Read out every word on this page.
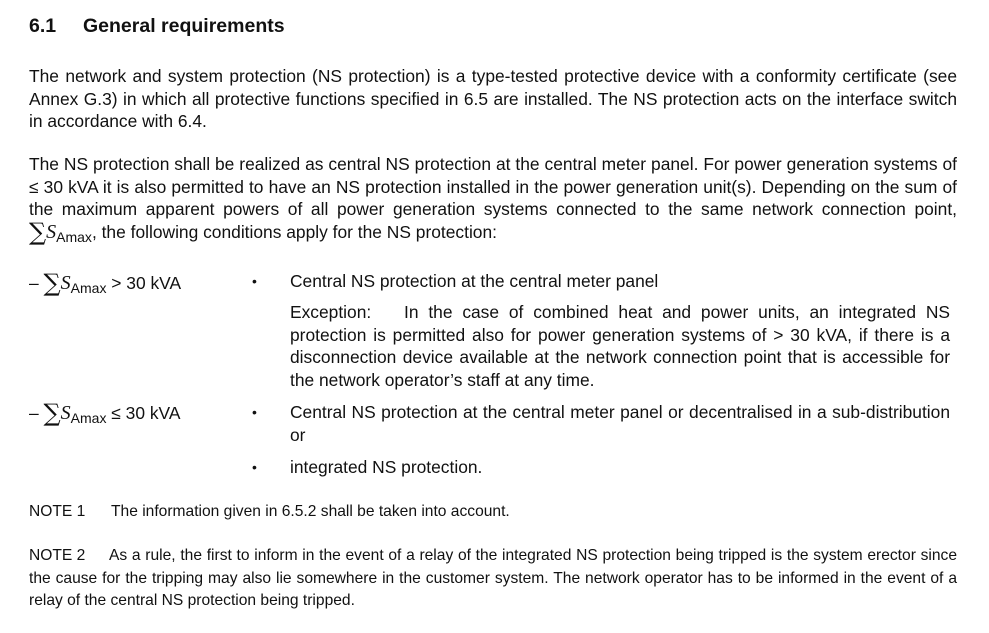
6.1 General requirements
The network and system protection (NS protection) is a type-tested protective device with a conformity certificate (see Annex G.3) in which all protective functions specified in 6.5 are installed. The NS protection acts on the interface switch in accordance with 6.4.
The NS protection shall be realized as central NS protection at the central meter panel. For power generation systems of ≤ 30 kVA it is also permitted to have an NS protection installed in the power generation unit(s). Depending on the sum of the maximum apparent powers of all power generation systems connected to the same network connection point, $\sum S_{Amax}$, the following conditions apply for the NS protection:
– $\sum S_{Amax} > 30$ kVA	• Central NS protection at the central meter panel
Exception: In the case of combined heat and power units, an integrated NS protection is permitted also for power generation systems of > 30 kVA, if there is a disconnection device available at the network connection point that is accessible for the network operator’s staff at any time.
– $\sum S_{Amax} \le 30$ kVA	• Central NS protection at the central meter panel or decentralised in a sub-distribution or
• integrated NS protection.
NOTE 1 The information given in 6.5.2 shall be taken into account.
NOTE 2 As a rule, the first to inform in the event of a relay of the integrated NS protection being tripped is the system erector since the cause for the tripping may also lie somewhere in the customer system. The network operator has to be informed in the event of a relay of the central NS protection being tripped.
